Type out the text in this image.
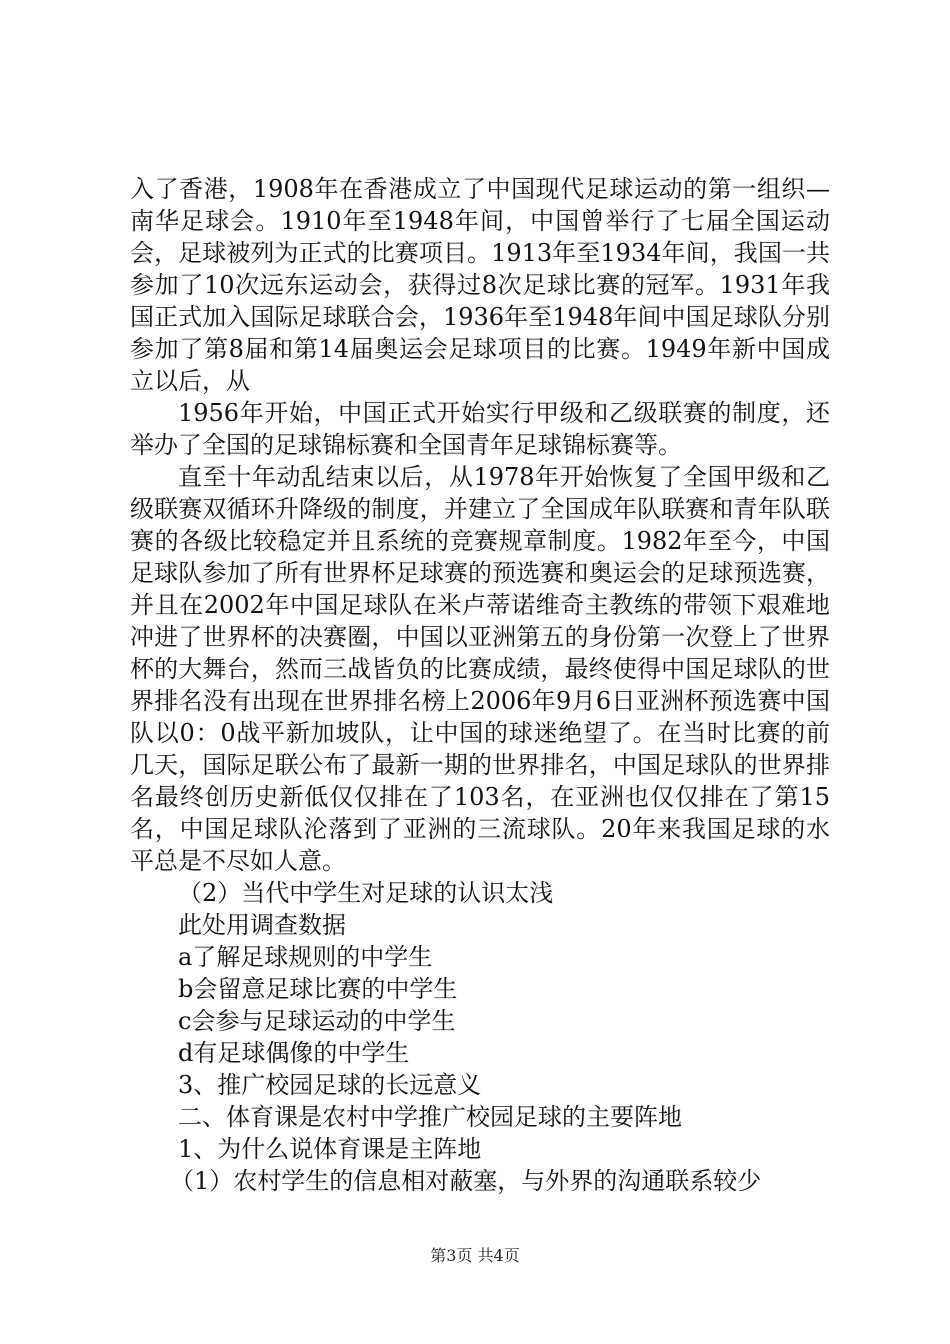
入了香港，1908年在香港成立了中国现代足球运动的第一组织—南华足球会。1910年至1948年间，中国曾举行了七届全国运动会，足球被列为正式的比赛项目。1913年至1934年间，我国一共参加了10次远东运动会，获得过8次足球比赛的冠军。1931年我国正式加入国际足球联合会，1936年至1948年间中国足球队分别参加了第8届和第14届奥运会足球项目的比赛。1949年新中国成立以后，从

1956年开始，中国正式开始实行甲级和乙级联赛的制度，还举办了全国的足球锦标赛和全国青年足球锦标赛等。

直至十年动乱结束以后，从1978年开始恢复了全国甲级和乙级联赛双循环升降级的制度，并建立了全国成年队联赛和青年队联赛的各级比较稳定并且系统的竞赛规章制度。1982年至今，中国足球队参加了所有世界杯足球赛的预选赛和奥运会的足球预选赛，并且在2002年中国足球队在米卢蒂诺维奇主教练的带领下艰难地冲进了世界杯的决赛圈，中国以亚洲第五的身份第一次登上了世界杯的大舞台，然而三战皆负的比赛成绩，最终使得中国足球队的世界排名没有出现在世界排名榜上2006年9月6日亚洲杯预选赛中国队以0：0战平新加坡队，让中国的球迷绝望了。在当时比赛的前几天，国际足联公布了最新一期的世界排名，中国足球队的世界排名最终创历史新低仅仅排在了103名，在亚洲也仅仅排在了第15名，中国足球队沦落到了亚洲的三流球队。20年来我国足球的水平总是不尽如人意。

（2）当代中学生对足球的认识太浅

此处用调查数据

a了解足球规则的中学生

b会留意足球比赛的中学生

c会参与足球运动的中学生

d有足球偶像的中学生

3、推广校园足球的长远意义

二、体育课是农村中学推广校园足球的主要阵地

1、为什么说体育课是主阵地

（1）农村学生的信息相对蔽塞，与外界的沟通联系较少

第3页 共4页
